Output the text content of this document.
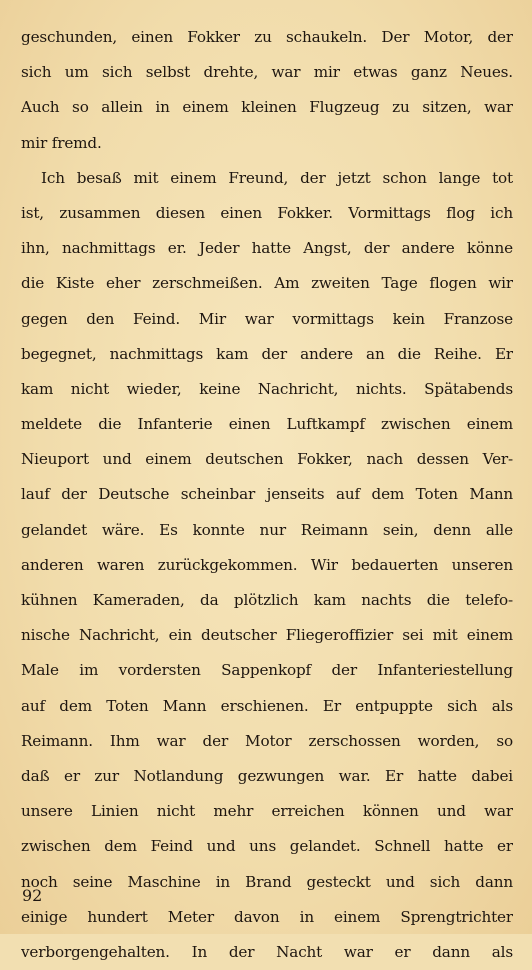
geschunden, einen Fokker zu schaukeln. Der Motor, der
sich um sich selbst drehte, war mir etwas ganz Neues.
Auch so allein in einem kleinen Flugzeug zu sitzen, war
mir fremd.
Ich besaß mit einem Freund, der jetzt schon lange tot
ist, zusammen diesen einen Fokker. Vormittags flog ich
ihn, nachmittags er. Jeder hatte Angst, der andere könne
die Kiste eher zerschmeißen. Am zweiten Tage flogen wir
gegen den Feind. Mir war vormittags kein Franzose
begegnet, nachmittags kam der andere an die Reihe. Er
kam nicht wieder, keine Nachricht, nichts. Spätabends
meldete die Infanterie einen Luftkampf zwischen einem
Nieuport und einem deutschen Fokker, nach dessen Ver-
lauf der Deutsche scheinbar jenseits auf dem Toten Mann
gelandet wäre. Es konnte nur Reimann sein, denn alle
anderen waren zurückgekommen. Wir bedauerten unseren
kühnen Kameraden, da plötzlich kam nachts die telefo-
nische Nachricht, ein deutscher Fliegeroffizier sei mit einem
Male im vordersten Sappenkopf der Infanteriestellung
auf dem Toten Mann erschienen. Er entpuppte sich als
Reimann. Ihm war der Motor zerschossen worden, so
daß er zur Notlandung gezwungen war. Er hatte dabei
unsere Linien nicht mehr erreichen können und war
zwischen dem Feind und uns gelandet. Schnell hatte er
noch seine Maschine in Brand gesteckt und sich dann
einige hundert Meter davon in einem Sprengtrichter
verborgengehalten. In der Nacht war er dann als
92
